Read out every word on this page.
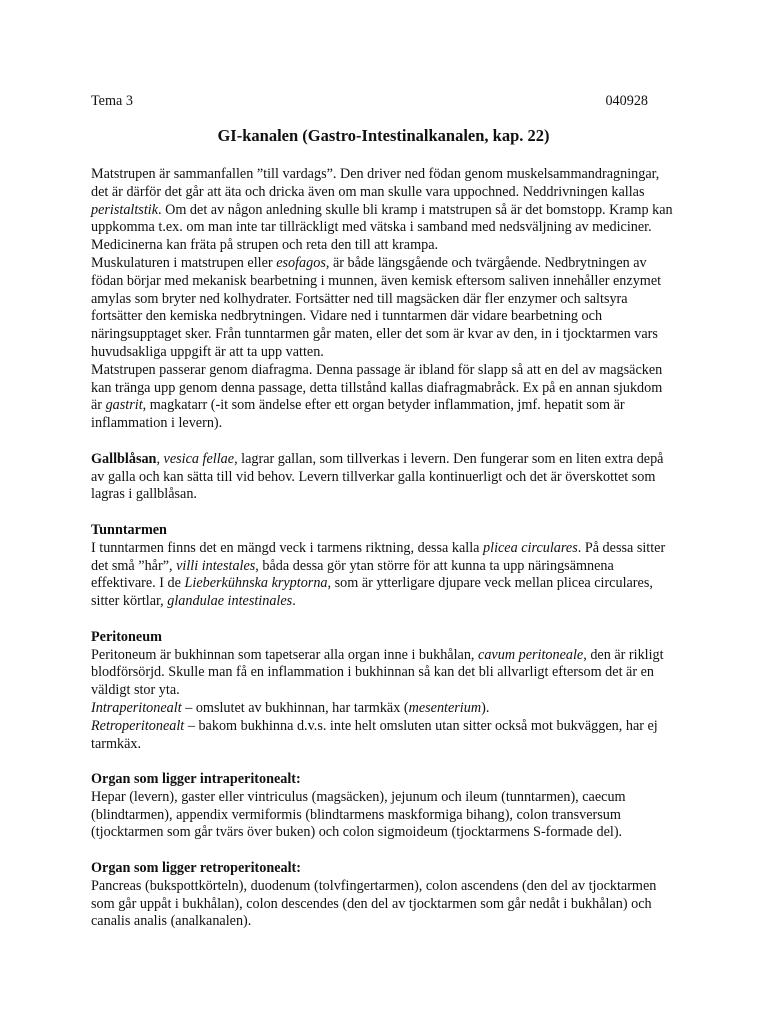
Tema 3	040928
GI-kanalen (Gastro-Intestinalkanalen, kap. 22)

Matstrupen är sammanfallen ”till vardags”. Den driver ned födan genom muskelsammandragningar, det är därför det går att äta och dricka även om man skulle vara uppochned. Neddrivningen kallas peristaltstik. Om det av någon anledning skulle bli kramp i matstrupen så är det bomstopp. Kramp kan uppkomma t.ex. om man inte tar tillräckligt med vätska i samband med nedsväljning av mediciner. Medicinerna kan fräta på strupen och reta den till att krampa.

Muskulaturen i matstrupen eller esofagos, är både längsgående och tvärgående. Nedbrytningen av födan börjar med mekanisk bearbetning i munnen, även kemisk eftersom saliven innehåller enzymet amylas som bryter ned kolhydrater. Fortsätter ned till magsäcken där fler enzymer och saltsyra fortsätter den kemiska nedbrytningen. Vidare ned i tunntarmen där vidare bearbetning och näringsupptaget sker. Från tunntarmen går maten, eller det som är kvar av den, in i tjocktarmen vars huvudsakliga uppgift är att ta upp vatten.

Matstrupen passerar genom diafragma. Denna passage är ibland för slapp så att en del av magsäcken kan tränga upp genom denna passage, detta tillstånd kallas diafragmabråck. Ex på en annan sjukdom är gastrit, magkatarr (-it som ändelse efter ett organ betyder inflammation, jmf. hepatit som är inflammation i levern).

Gallblåsan, vesica fellae, lagrar gallan, som tillverkas i levern. Den fungerar som en liten extra depå av galla och kan sätta till vid behov. Levern tillverkar galla kontinuerligt och det är överskottet som lagras i gallblåsan.

Tunntarmen

I tunntarmen finns det en mängd veck i tarmens riktning, dessa kalla plicea circulares. På dessa sitter det små ”hår”, villi intestales, båda dessa gör ytan större för att kunna ta upp näringsämnena effektivare. I de Lieberkühnska kryptorna, som är ytterligare djupare veck mellan plicea circulares, sitter körtlar, glandulae intestinales.

Peritoneum

Peritoneum är bukhinnan som tapetserar alla organ inne i bukhålan, cavum peritoneale, den är rikligt blodförsörjd. Skulle man få en inflammation i bukhinnan så kan det bli allvarligt eftersom det är en väldigt stor yta.

Intraperitonealt – omslutet av bukhinnan, har tarmkäx (mesenterium).

Retroperitonealt – bakom bukhinna d.v.s. inte helt omsluten utan sitter också mot bukväggen, har ej tarmkäx.

Organ som ligger intraperitonealt:

Hepar (levern), gaster eller vintriculus (magsäcken), jejunum och ileum (tunntarmen), caecum (blindtarmen), appendix vermiformis (blindtarmens maskformiga bihang), colon transversum (tjocktarmen som går tvärs över buken) och colon sigmoideum (tjocktarmens S-formade del).

Organ som ligger retroperitonealt:

Pancreas (bukspottkörteln), duodenum (tolvfingertarmen), colon ascendens (den del av tjocktarmen som går uppåt i bukhålan), colon descendes (den del av tjocktarmen som går nedåt i bukhålan) och canalis analis (analkanalen).
